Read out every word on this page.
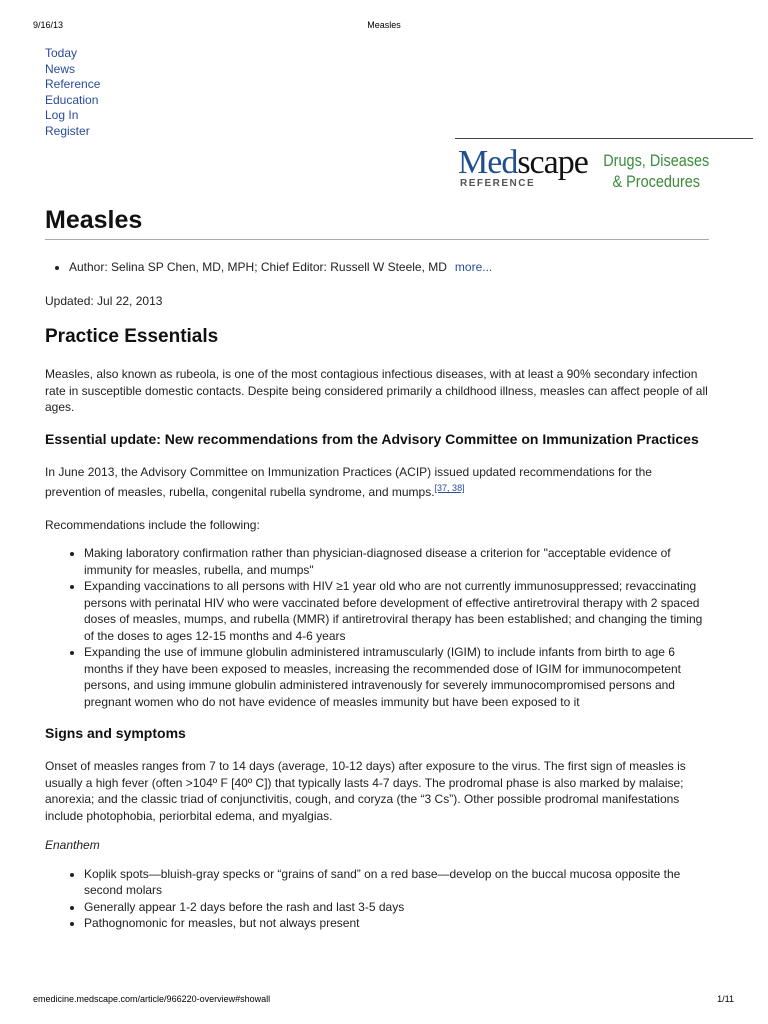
9/16/13	Measles
Today
News
Reference
Education
Log In
Register
Medscape
REFERENCE
Drugs, Diseases
& Procedures
Measles
• Author: Selina SP Chen, MD, MPH; Chief Editor: Russell W Steele, MD more...
Updated: Jul 22, 2013
Practice Essentials

Measles, also known as rubeola, is one of the most contagious infectious diseases, with at least a 90% secondary infection rate in susceptible domestic contacts. Despite being considered primarily a childhood illness, measles can affect people of all ages.

Essential update: New recommendations from the Advisory Committee on Immunization Practices

In June 2013, the Advisory Committee on Immunization Practices (ACIP) issued updated recommendations for the prevention of measles, rubella, congenital rubella syndrome, and mumps.[37, 38]

Recommendations include the following:

• Making laboratory confirmation rather than physician-diagnosed disease a criterion for "acceptable evidence of immunity for measles, rubella, and mumps"
• Expanding vaccinations to all persons with HIV ≥1 year old who are not currently immunosuppressed; revaccinating persons with perinatal HIV who were vaccinated before development of effective antiretroviral therapy with 2 spaced doses of measles, mumps, and rubella (MMR) if antiretroviral therapy has been established; and changing the timing of the doses to ages 12-15 months and 4-6 years
• Expanding the use of immune globulin administered intramuscularly (IGIM) to include infants from birth to age 6 months if they have been exposed to measles, increasing the recommended dose of IGIM for immunocompetent persons, and using immune globulin administered intravenously for severely immunocompromised persons and pregnant women who do not have evidence of measles immunity but have been exposed to it
Signs and symptoms

Onset of measles ranges from 7 to 14 days (average, 10-12 days) after exposure to the virus. The first sign of measles is usually a high fever (often >104º F [40º C]) that typically lasts 4-7 days. The prodromal phase is also marked by malaise; anorexia; and the classic triad of conjunctivitis, cough, and coryza (the “3 Cs”). Other possible prodromal manifestations include photophobia, periorbital edema, and myalgias.

Enanthem

• Koplik spots—bluish-gray specks or “grains of sand” on a red base—develop on the buccal mucosa opposite the second molars
• Generally appear 1-2 days before the rash and last 3-5 days
• Pathognomonic for measles, but not always present
emedicine.medscape.com/article/966220-overview#showall	1/11
